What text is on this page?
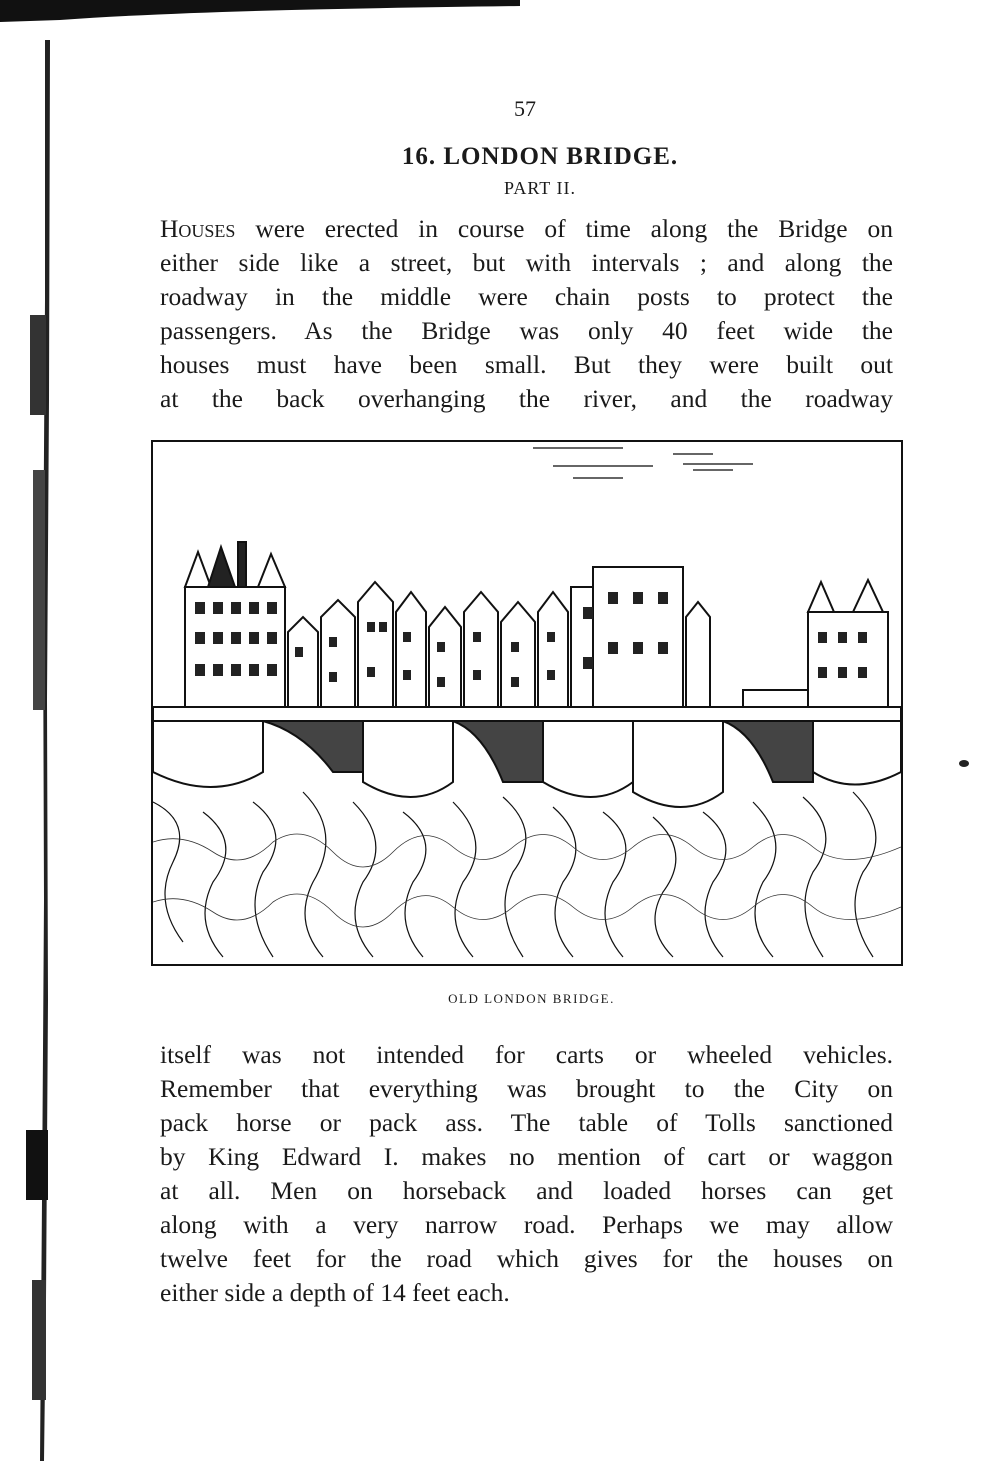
57
16. LONDON BRIDGE.
PART II.
Houses were erected in course of time along the Bridge on
either side like a street, but with intervals ; and along the
roadway in the middle were chain posts to protect the
passengers. As the Bridge was only 40 feet wide the
houses must have been small. But they were built out
at the back overhanging the river, and the roadway
OLD LONDON BRIDGE.
itself was not intended for carts or wheeled vehicles.
Remember that everything was brought to the City on
pack horse or pack ass. The table of Tolls sanctioned
by King Edward I. makes no mention of cart or waggon
at all. Men on horseback and loaded horses can get
along with a very narrow road. Perhaps we may allow
twelve feet for the road which gives for the houses on
either side a depth of 14 feet each.
